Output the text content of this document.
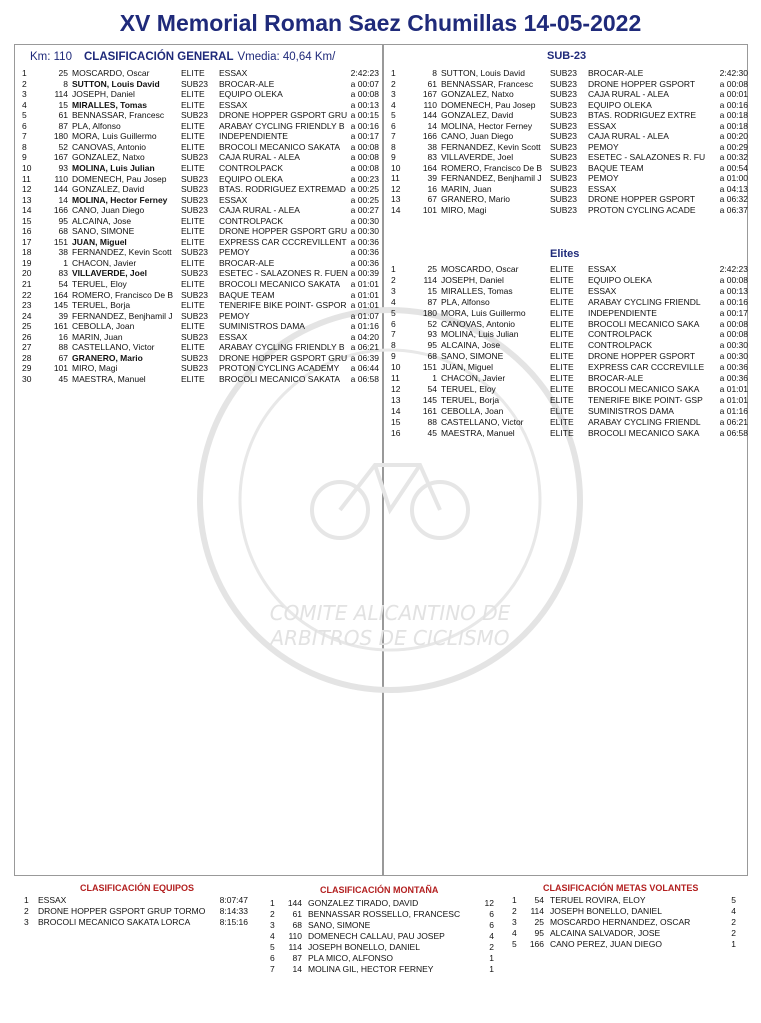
XV Memorial Roman Saez Chumillas 14-05-2022
COMITE ALICANTINO DE
ARBITROS DE CICLISMO
Km: 110 CLASIFICACIÓN GENERAL Vmedia: 40,64 Km/
1	25 MOSCARDO, Oscar	ELITE	ESSAX	2:42:23
2	8 SUTTON, Louis David	SUB23	BROCAR-ALE	a 00:07
3	114 JOSEPH, Daniel	ELITE	EQUIPO OLEKA	a 00:08
4	15 MIRALLES, Tomas	ELITE	ESSAX	a 00:13
5	61 BENNASSAR, Francesc	SUB23	DRONE HOPPER GSPORT GRU a 00:15
6	87 PLA, Alfonso	ELITE	ARABAY CYCLING FRIENDLY B a 00:16
7	180 MORA, Luis Guillermo	ELITE	INDEPENDIENTE	a 00:17
8	52 CANOVAS, Antonio	ELITE	BROCOLI MECANICO SAKATA	a 00:08
9	167 GONZALEZ, Natxo	SUB23	CAJA RURAL - ALEA	a 00:08
10	93 MOLINA, Luis Julian	ELITE	CONTROLPACK	a 00:08
11	110 DOMENECH, Pau Josep	SUB23	EQUIPO OLEKA	a 00:23
12	144 GONZALEZ, David	SUB23	BTAS. RODRIGUEZ EXTREMAD a 00:25
13	14 MOLINA, Hector Ferney	SUB23	ESSAX	a 00:25
14	166 CANO, Juan Diego	SUB23	CAJA RURAL - ALEA	a 00:27
15	95 ALCAINA, Jose	ELITE	CONTROLPACK	a 00:30
16	68 SANO, SIMONE	ELITE	DRONE HOPPER GSPORT GRU a 00:30
17	151 JUAN, Miguel	ELITE	EXPRESS CAR CCCREVILLENT a 00:36
18	38 FERNANDEZ, Kevin Scott	SUB23	PEMOY	a 00:36
19	1 CHACON, Javier	ELITE	BROCAR-ALE	a 00:36
20	83 VILLAVERDE, Joel	SUB23	ESETEC - SALAZONES R. FUEN a 00:39
21	54 TERUEL, Eloy	ELITE	BROCOLI MECANICO SAKATA	a 01:01
22	164 ROMERO, Francisco De B SUB23	BAQUE TEAM	a 01:01
23	145 TERUEL, Borja	ELITE	TENERIFE BIKE POINT- GSPOR a 01:01
24	39 FERNANDEZ, Benjhamil J SUB23	PEMOY	a 01:07
25	161 CEBOLLA, Joan	ELITE	SUMINISTROS DAMA	a 01:16
26	16 MARIN, Juan	SUB23	ESSAX	a 04:20
27	88 CASTELLANO, Victor	ELITE	ARABAY CYCLING FRIENDLY B a 06:21
28	67 GRANERO, Mario	SUB23	DRONE HOPPER GSPORT GRU a 06:39
29	101 MIRO, Magi	SUB23	PROTON CYCLING ACADEMY	a 06:44
30	45 MAESTRA, Manuel	ELITE	BROCOLI MECANICO SAKATA	a 06:58
SUB-23
1	8 SUTTON, Louis David	SUB23	BROCAR-ALE	2:42:30
2	61 BENNASSAR, Francesc	SUB23	DRONE HOPPER GSPORT	a 00:08
3	167 GONZALEZ, Natxo	SUB23	CAJA RURAL - ALEA	a 00:01
4	110 DOMENECH, Pau Josep	SUB23	EQUIPO OLEKA	a 00:16
5	144 GONZALEZ, David	SUB23	BTAS. RODRIGUEZ EXTRE	a 00:18
6	14 MOLINA, Hector Ferney	SUB23	ESSAX	a 00:18
7	166 CANO, Juan Diego	SUB23	CAJA RURAL - ALEA	a 00:20
8	38 FERNANDEZ, Kevin Scott	SUB23	PEMOY	a 00:29
9	83 VILLAVERDE, Joel	SUB23	ESETEC - SALAZONES R. FU	a 00:32
10	164 ROMERO, Francisco De B SUB23	BAQUE TEAM	a 00:54
11	39 FERNANDEZ, Benjhamil J SUB23	PEMOY	a 01:00
12	16 MARIN, Juan	SUB23	ESSAX	a 04:13
13	67 GRANERO, Mario	SUB23	DRONE HOPPER GSPORT	a 06:32
14	101 MIRO, Magi	SUB23	PROTON CYCLING ACADE	a 06:37
Elites
1	25 MOSCARDO, Oscar	ELITE	ESSAX	2:42:23
2	114 JOSEPH, Daniel	ELITE	EQUIPO OLEKA	a 00:08
3	15 MIRALLES, Tomas	ELITE	ESSAX	a 00:13
4	87 PLA, Alfonso	ELITE	ARABAY CYCLING FRIENDL	a 00:16
5	180 MORA, Luis Guillermo	ELITE	INDEPENDIENTE	a 00:17
6	52 CANOVAS, Antonio	ELITE	BROCOLI MECANICO SAKA	a 00:08
7	93 MOLINA, Luis Julian	ELITE	CONTROLPACK	a 00:08
8	95 ALCAINA, Jose	ELITE	CONTROLPACK	a 00:30
9	68 SANO, SIMONE	ELITE	DRONE HOPPER GSPORT	a 00:30
10	151 JUAN, Miguel	ELITE	EXPRESS CAR CCCREVILLE	a 00:36
11	1 CHACON, Javier	ELITE	BROCAR-ALE	a 00:36
12	54 TERUEL, Eloy	ELITE	BROCOLI MECANICO SAKA	a 01:01
13	145 TERUEL, Borja	ELITE	TENERIFE BIKE POINT- GSP	a 01:01
14	161 CEBOLLA, Joan	ELITE	SUMINISTROS DAMA	a 01:16
15	88 CASTELLANO, Victor	ELITE	ARABAY CYCLING FRIENDL	a 06:21
16	45 MAESTRA, Manuel	ELITE	BROCOLI MECANICO SAKA	a 06:58
CLASIFICACIÓN EQUIPOS
1	ESSAX	8:07:47
2	DRONE HOPPER GSPORT GRUP TORMO	8:14:33
3	BROCOLI MECANICO SAKATA LORCA	8:15:16
CLASIFICACIÓN MONTAÑA
1	144 GONZALEZ TIRADO, DAVID	12
2	61 BENNASSAR ROSSELLO, FRANCESC	6
3	68 SANO, SIMONE	6
4	110 DOMENECH CALLAU, PAU JOSEP	4
5	114 JOSEPH BONELLO, DANIEL	2
6	87 PLA MICO, ALFONSO	1
7	14 MOLINA GIL, HECTOR FERNEY	1
CLASIFICACIÓN METAS VOLANTES
1	54 TERUEL ROVIRA, ELOY	5
2	114 JOSEPH BONELLO, DANIEL	4
3	25 MOSCARDO HERNANDEZ, OSCAR	2
4	95 ALCAINA SALVADOR, JOSE	2
5	166 CANO PEREZ, JUAN DIEGO	1
